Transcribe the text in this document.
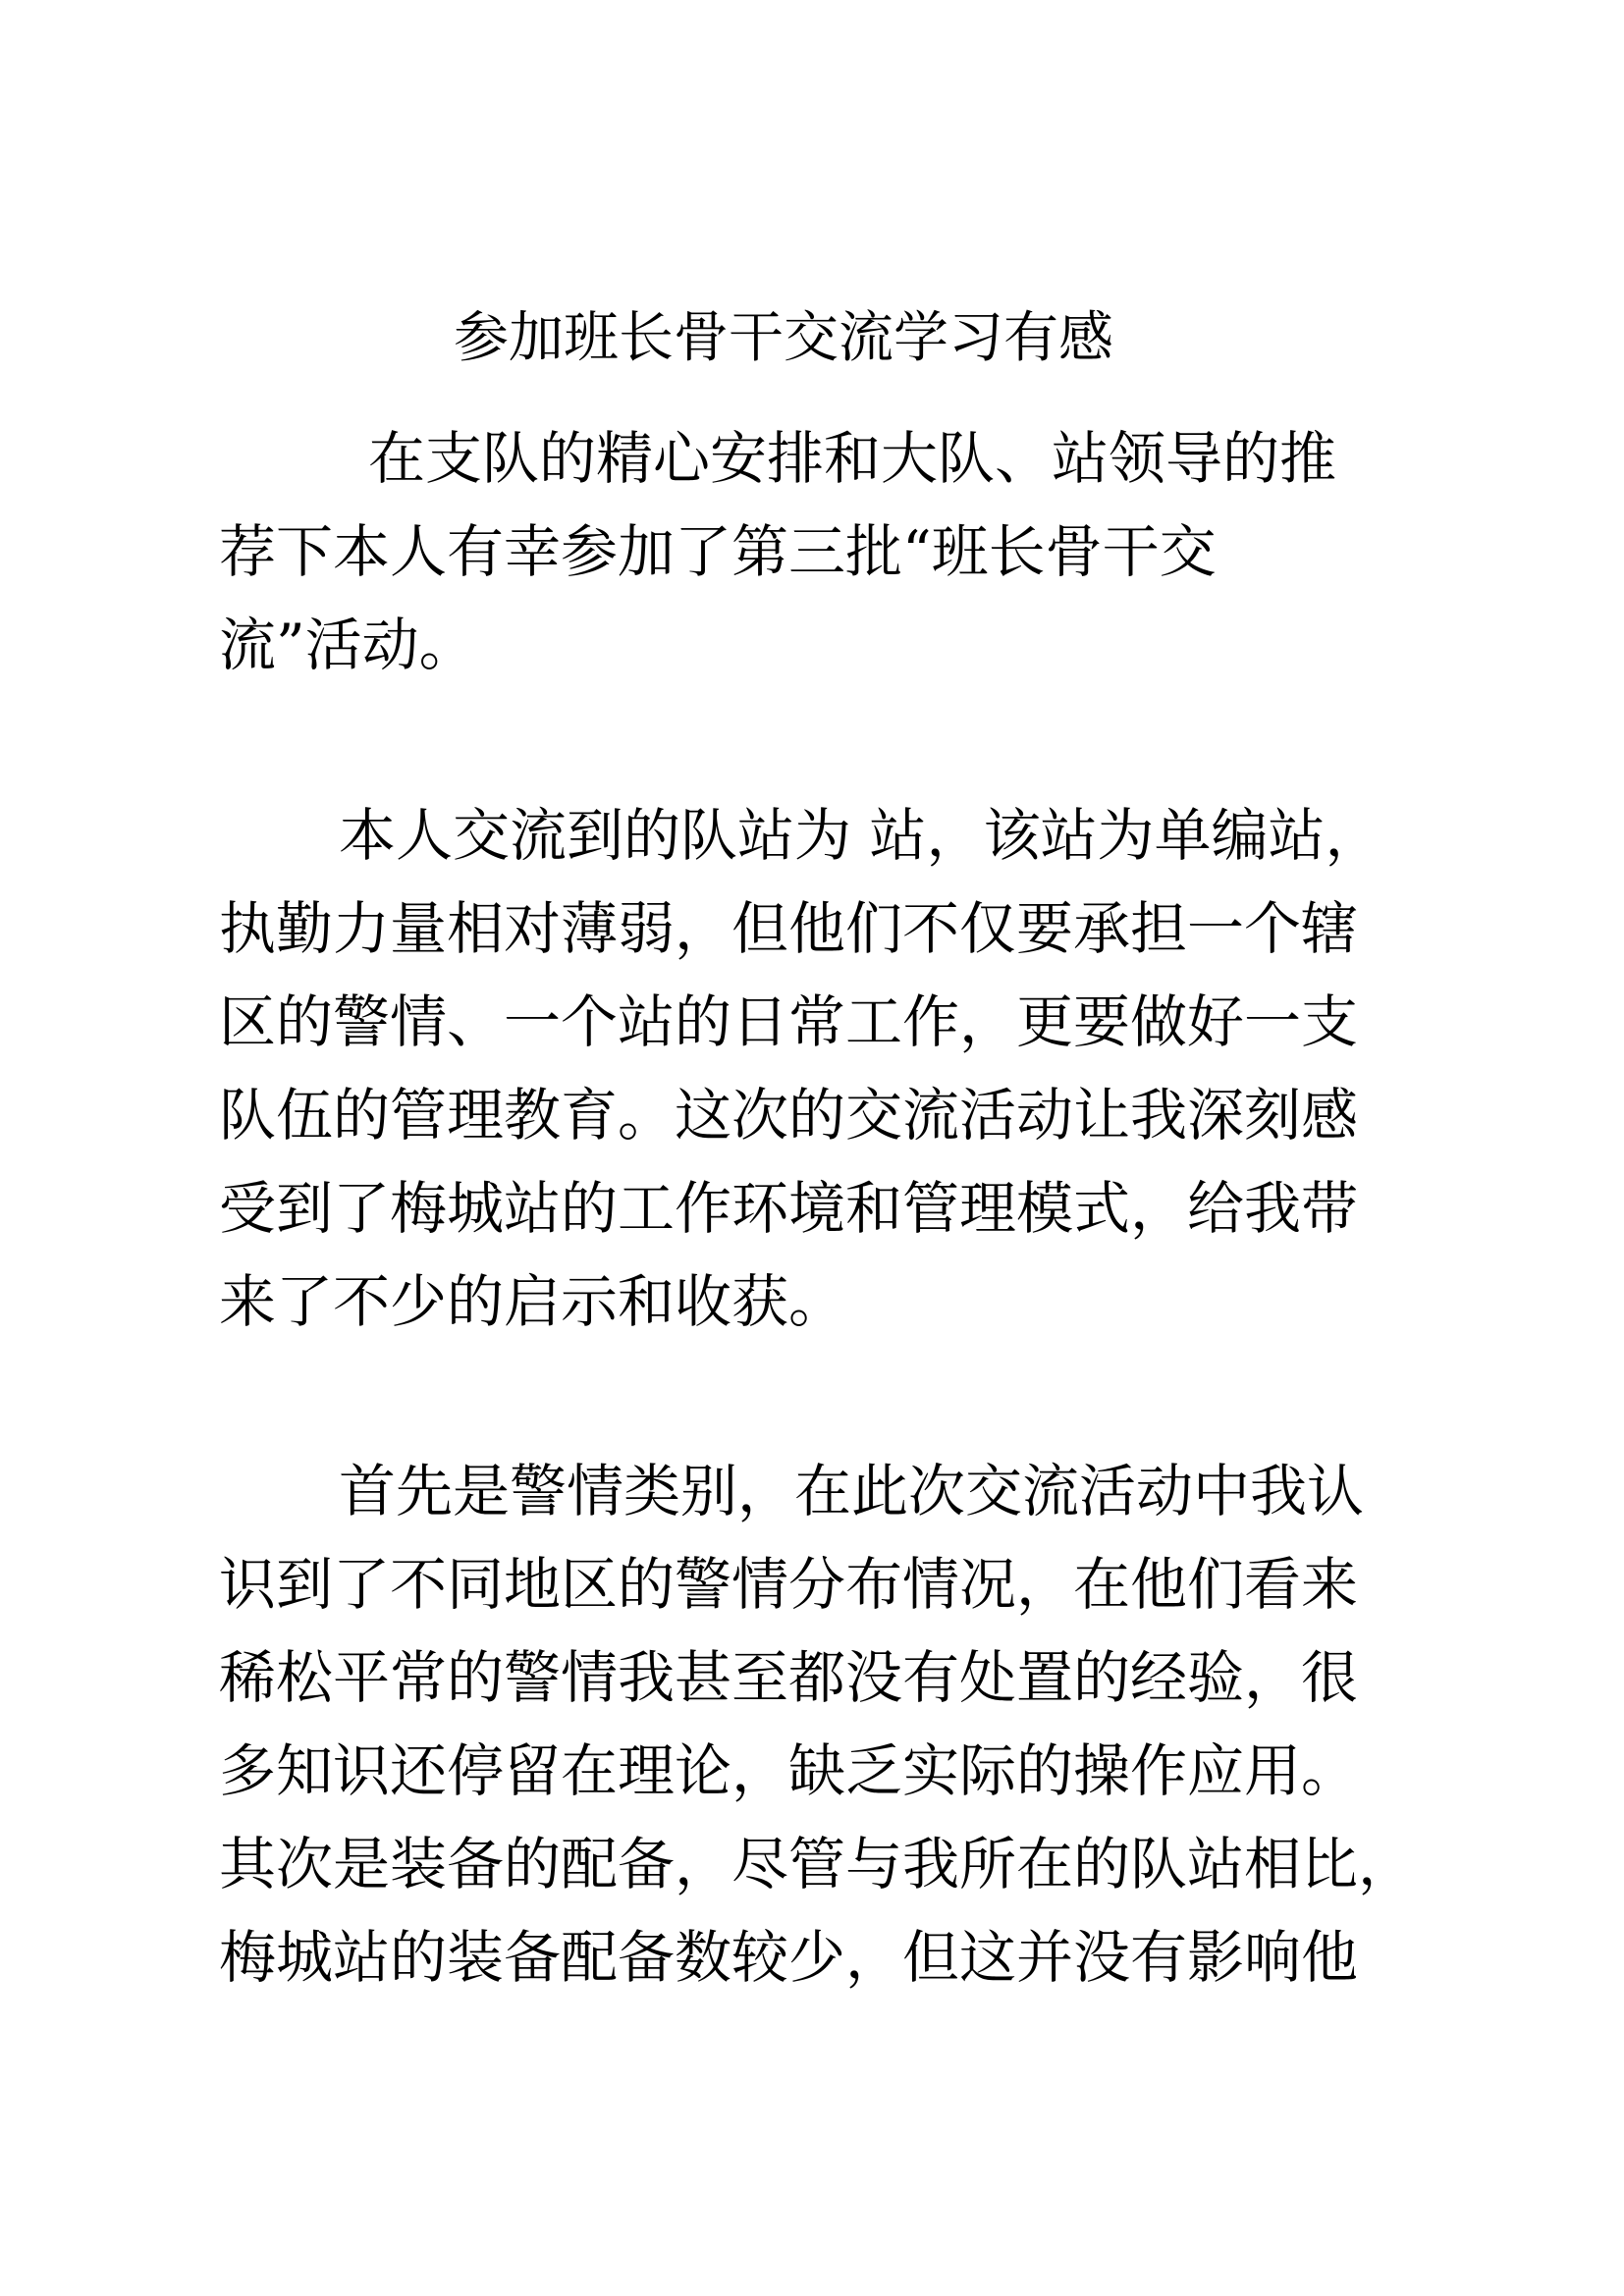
参加班长骨干交流学习有感

在支队的精心安排和大队、站领导的推

荐下本人有幸参加了第三批“班长骨干交

流”活动。

本人交流到的队站为 站，该站为单编站，

执勤力量相对薄弱，但他们不仅要承担一个辖

区的警情、一个站的日常工作，更要做好一支

队伍的管理教育。这次的交流活动让我深刻感

受到了梅城站的工作环境和管理模式，给我带

来了不少的启示和收获。

首先是警情类别，在此次交流活动中我认

识到了不同地区的警情分布情况，在他们看来

稀松平常的警情我甚至都没有处置的经验，很

多知识还停留在理论，缺乏实际的操作应用。

其次是装备的配备，尽管与我所在的队站相比，

梅城站的装备配备数较少，但这并没有影响他
